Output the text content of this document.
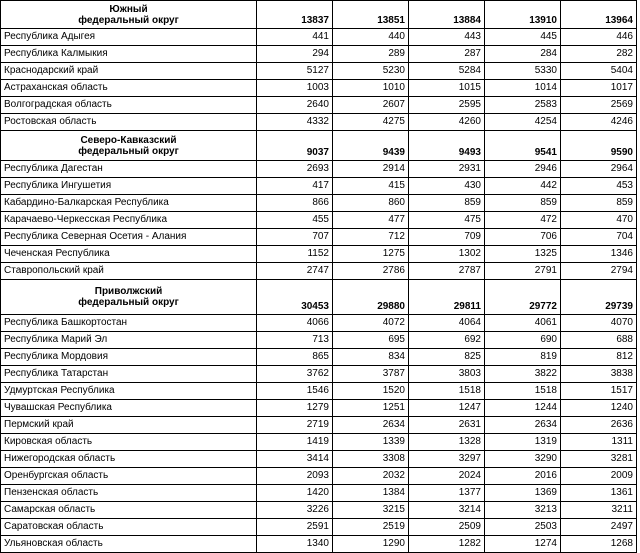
Южный
федеральный округ	13837	13851	13884	13910	13964
Республика Адыгея	441	440	443	445	446
Республика Калмыкия	294	289	287	284	282
Краснодарский край	5127	5230	5284	5330	5404
Астраханская область	1003	1010	1015	1014	1017
Волгоградская область	2640	2607	2595	2583	2569
Ростовская область	4332	4275	4260	4254	4246
Северо-Кавказский
федеральный округ	9037	9439	9493	9541	9590
Республика Дагестан	2693	2914	2931	2946	2964
Республика Ингушетия	417	415	430	442	453
Кабардино-Балкарская Республика	866	860	859	859	859
Карачаево-Черкесская Республика	455	477	475	472	470
Республика Северная Осетия - Алания	707	712	709	706	704
Чеченская Республика	1152	1275	1302	1325	1346
Ставропольский край	2747	2786	2787	2791	2794
Приволжский
федеральный округ	30453	29880	29811	29772	29739
Республика Башкортостан	4066	4072	4064	4061	4070
Республика Марий Эл	713	695	692	690	688
Республика Мордовия	865	834	825	819	812
Республика Татарстан	3762	3787	3803	3822	3838
Удмуртская Республика	1546	1520	1518	1518	1517
Чувашская Республика	1279	1251	1247	1244	1240
Пермский край	2719	2634	2631	2634	2636
Кировская область	1419	1339	1328	1319	1311
Нижегородская область	3414	3308	3297	3290	3281
Оренбургская область	2093	2032	2024	2016	2009
Пензенская область	1420	1384	1377	1369	1361
Самарская область	3226	3215	3214	3213	3211
Саратовская область	2591	2519	2509	2503	2497
Ульяновская область	1340	1290	1282	1274	1268
